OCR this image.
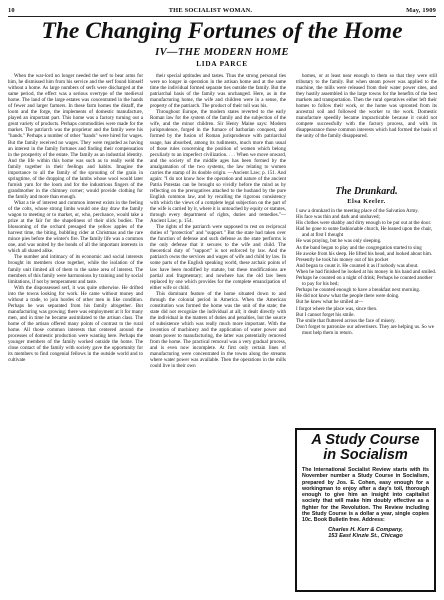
10	THE SOCIALIST WOMAN.	May, 1909
The Changing Fortunes of the Home
IV—THE MODERN HOME
LIDA PARCE

When the war-lord no longer needed the serf to bear arms for him, he dismissed him from his service and the serf found himself without a home. As large numbers of serfs were discharged at the same period, the effect was a serious overtype of the medieval home. The land of the large estates was concentrated in the hands of fewer and larger farmers. In these farm homes the distaff, the loom and the forge, the implements of domestic manufacture, played an important part. This home was a factory turning out a great variety of products. Perhaps commodities were made for the market. The patriarch was the proprietor and the family were his "hands." Perhaps a number of other "hands" were hired for wages. But the family received no wages. They were regarded as having an interest in the family fortunes and finding their compensation in the prosperity of the estate. The family as an industrial identity. And the life within this home was such as to really weld the family together in their feelings and habits. Imagine the importance to all the family of the sprouting of the grain in springtime, of the dropping of the lambs whose wool would later furnish yarn for the loom and for the industrious fingers of the grandmother in the chimney corner; would provide clothing for the family and more than enough.

What a tie of interest and common interest exists in the feeling of the colts, whose strong limbs would one day draw the family wagon to meeting or to market, or, who, perchance, would take a prize at the fair for the shapeliness of their slick bodies. The blossoming of the orchard presaged the yellow apples of the harvest time, the biting, bubbling cider at Christmas and the rare mince pies before the winter's fire. The family life was a common one, and was united by the bonds of all the important interests in which all shared alike.

The number and intimacy of its economic and social interests brought its members close together, while the isolation of the family unit limited all of them to the same area of interest. The members of this family were harmonious by training and by social limitations, if not by temperament and taste.

With the dispossessed serf, it was quite otherwise. He drifted into the towns looking for work. He came without money and without a trade, to join hordes of other men in like condition. Perhaps he was separated from his family altogether. But manufacturing was growing; there was employment at it for many men, and in time he became assimilated to the artisan class. The home of the artisan offered many points of contrast to the rural home. All those common interests that centered around the processes of domestic production were wanting here. Perhaps the younger members of the family worked outside the home. The close contact of the family with society gave the opportunity for its members to find congenial fellows in the outside world and to cultivate

their special aptitudes and tastes. Thus the strong personal ties were no longer in operation in the artisan home and at the same time the individual formed separate ties outside the family. But the patriarchal basis of the family was unchanged. Here, as in the manufacturing home, the wife and children were in a sense, the property of the patriarch. The product of their toil was his.

Throughout Europe, the modern states reverted to the early Roman law for the system of the family and the subjection of the wife, and the minor children. Sir Henry Maine says: Modern jurisprudence, forged in the furnace of barbarian conquest, and formed by the fusion of Roman jurisprudence with patriarchal usage, has absorbed, among its rudiments, much more than usual of those rules concerning the position of women which belong peculiarly to an imperfect civilization. . . . When we move onward, and the society of the middle ages has been formed by the amalgamation of the two systems, the law relating to women carries the stamp of its double origin. —Ancient Law; p. 151. And again: "I do not know how the operation and nature of the ancient Patria Potestas can be brought so vividly before the mind as by reflecting on the prerogatives attached to the husband by the pure English common law, and by recalling the rigorous consistency with which the views of a complete legal subjection on the part of the wife is carried by it, where it is untouched by equity or statutes, through every department of rights, duties and remedies."—Ancient Law; p. 154.

The rights of the patriarch were supposed to rest on reciprocal duties of "protection" and "support." But the state had taken over the function of defense and such defense as the state performs is the only defense that it secures to the wife and child. The theoretical duty of "support" is not enforced by law. And the patriarch owns the services and wages of wife and child by law. In some parts of the English speaking world, these archaic points of law have been modified by statute, but these modifications are partial and fragmentary; and nowhere has the old law been replaced by one which provides for the complete emancipation of either wife or child.

This dominant feature of the home situated down to and through the colonial period in America. When the American constitution was formed the home was the unit of the state; the state did not recognize the individual at all; it dealt directly with the individual in the matters of duties and penalties, but the source of subsistence which was really much more important. With the invention of machinery and the application of water power and steam power to manufacturing, the latter was potentially removed from the home. The practical removal was a very gradual process, and is even now incomplete. At first only certain lines of manufacturing were concentrated in the towns along the streams where water power was available. Then the operations in the mills could live in their own

homes, or at least near enough to them so that they were still tributary to the family. But when steam power was applied to the machine, the mills were released from their water power sites, and they hastily assembled in the large towns for the benefits of the best markets and transportation. Then the rural operatives either left their homes to follow their work, or the home was uprooted from its ancestral soil and followed the worker to the work. Domestic manufacture speedily became impracticable because it could not compete successfully with the factory process, and with its disappearance those common interests which had formed the basis of the unity of the family disappeared.

The Drunkard.
Elsa Keeler.
I saw a drunkard in the meeting place of the Salvation Army.
His face was thin and dark and unshaved;
His clothes were shabby and dirty enough to be put out at the door.
Had he gone to some fashionable church, He leaned upon the chair, and at first I thought
He was praying, but he was only sleeping.
As the band began to play and the congregation started to sing
He awoke from his sleep. He lifted his head, and looked about him.
Presently he took his money out of his pocket
And began to count it. He counted it as if nobody was about.
When he had finished he looked at his money in his hand and smiled.
Perhaps he counted on a night of drink; Perhaps he counted another to pay for his bed;
Perhaps he counted enough to have a breakfast next morning.
He did not know what the people there were doing.
But he knew what he smiled at—
I forgot where the place was, since then.
But I cannot forget his smile.
The smile that fluttered across the face of misery.
Don't forget to patronize our advertisers. They are helping us. So we must help them in return.
A Study Course
in Socialism
The International Socialist Review starts with its November number a Study Course in Socialism, prepared by Jos. E. Cohen, easy enough for a workingman to enjoy after a day's toil, thorough enough to give him an insight into capitalist society that will make him doubly effective as a fighter for the Revolution. The Review including the Study Course is a dollar a year, single copies 10c. Book Bulletin free. Address:
Charles H. Kerr & Company,
153 East Kinzie St., Chicago
